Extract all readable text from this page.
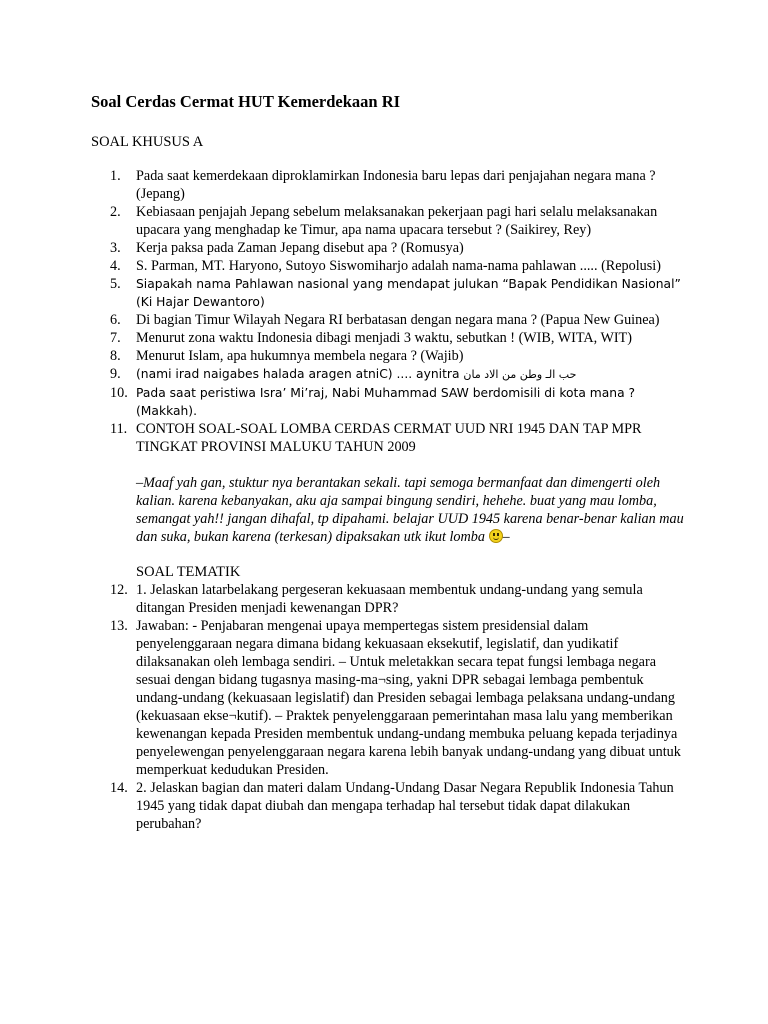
Soal Cerdas Cermat HUT Kemerdekaan RI

SOAL KHUSUS A

1.	Pada saat kemerdekaan diproklamirkan Indonesia baru lepas dari penjajahan negara mana ? (Jepang)
2.	Kebiasaan penjajah Jepang sebelum melaksanakan pekerjaan pagi hari selalu melaksanakan upacara yang menghadap ke Timur, apa nama upacara tersebut ? (Saikirey, Rey)
3.	Kerja paksa pada Zaman Jepang disebut apa ? (Romusya)
4.	S. Parman, MT. Haryono, Sutoyo Siswomiharjo adalah nama-nama pahlawan ..... (Repolusi)
5.	Siapakah nama Pahlawan nasional yang mendapat julukan “Bapak Pendidikan Nasional” (Ki Hajar Dewantoro)
6.	Di bagian Timur Wilayah Negara RI berbatasan dengan negara mana ? (Papua New Guinea)
7.	Menurut zona waktu Indonesia dibagi menjadi 3 waktu, sebutkan ! (WIB, WITA, WIT)
8.	Menurut Islam, apa hukumnya membela negara ? (Wajib)
9.	(nami irad naigabes halada aragen atniC) .... aynitra حب الـ وطن من الاد مان
10. Pada saat peristiwa Isra’ Mi’raj, Nabi Muhammad SAW berdomisili di kota mana ? (Makkah).
11. CONTOH SOAL-SOAL LOMBA CERDAS CERMAT UUD NRI 1945 DAN TAP MPR TINGKAT PROVINSI MALUKU TAHUN 2009
–Maaf yah gan, stuktur nya berantakan sekali. tapi semoga bermanfaat dan dimengerti oleh kalian. karena kebanyakan, aku aja sampai bingung sendiri, hehehe. buat yang mau lomba, semangat yah!! jangan dihafal, tp dipahami. belajar UUD 1945 karena benar-benar kalian mau dan suka, bukan karena (terkesan) dipaksakan utk ikut lomba –
SOAL TEMATIK
12. 1. Jelaskan latarbelakang pergeseran kekuasaan membentuk undang-undang yang semula ditangan Presiden menjadi kewenangan DPR?
13. Jawaban: - Penjabaran mengenai upaya mempertegas sistem presidensial dalam penyelenggaraan negara dimana bidang kekuasaan eksekutif, legislatif, dan yudikatif dilaksanakan oleh lembaga sendiri. – Untuk meletakkan secara tepat fungsi lembaga negara sesuai dengan bidang tugasnya masing-ma¬sing, yakni DPR sebagai lembaga pembentuk undang-undang (kekuasaan legislatif) dan Presiden sebagai lembaga pelaksana undang-undang (kekuasaan ekse¬kutif). – Praktek penyelenggaraan pemerintahan masa lalu yang memberikan kewenangan kepada Presiden membentuk undang-undang membuka peluang kepada terjadinya penyelewengan penyelenggaraan negara karena lebih banyak undang-undang yang dibuat untuk memperkuat kedudukan Presiden.
14. 2. Jelaskan bagian dan materi dalam Undang-Undang Dasar Negara Republik Indonesia Tahun 1945 yang tidak dapat diubah dan mengapa terhadap hal tersebut tidak dapat dilakukan perubahan?
